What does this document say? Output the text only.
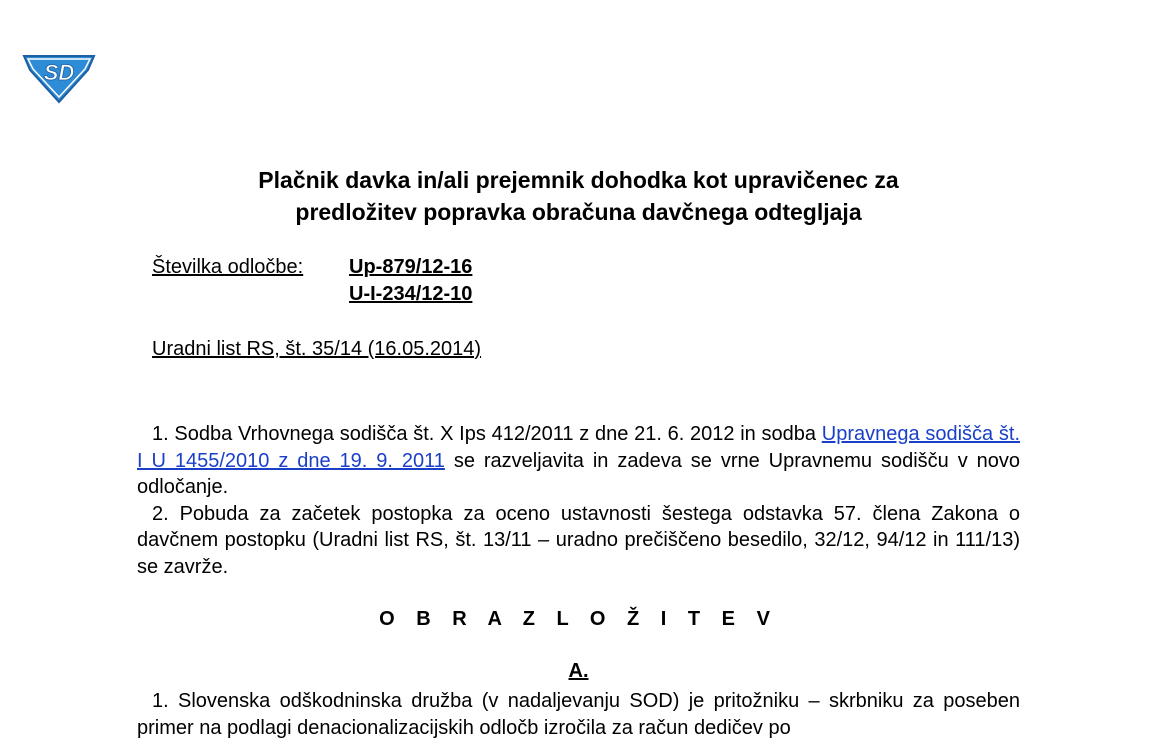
SD
Plačnik davka in/ali prejemnik dohodka kot upravičenec za
predložitev popravka obračuna davčnega odtegljaja
Številka odločbe: Up-879/12-16
U-I-234/12-10
Uradni list RS, št. 35/14 (16.05.2014)

1. Sodba Vrhovnega sodišča št. X Ips 412/2011 z dne 21. 6. 2012 in sodba Upravnega sodišča št. I U 1455/2010 z dne 19. 9. 2011 se razveljavita in zadeva se vrne Upravnemu sodišču v novo odločanje.

2. Pobuda za začetek postopka za oceno ustavnosti šestega odstavka 57. člena Zakona o davčnem postopku (Uradni list RS, št. 13/11 – uradno prečiščeno besedilo, 32/12, 94/12 in 111/13) se zavrže.

O B R A Z L O Ž I T E V
A.

1. Slovenska odškodninska družba (v nadaljevanju SOD) je pritožniku – skrbniku za poseben primer na podlagi denacionalizacijskih odločb izročila za račun dedičev po
